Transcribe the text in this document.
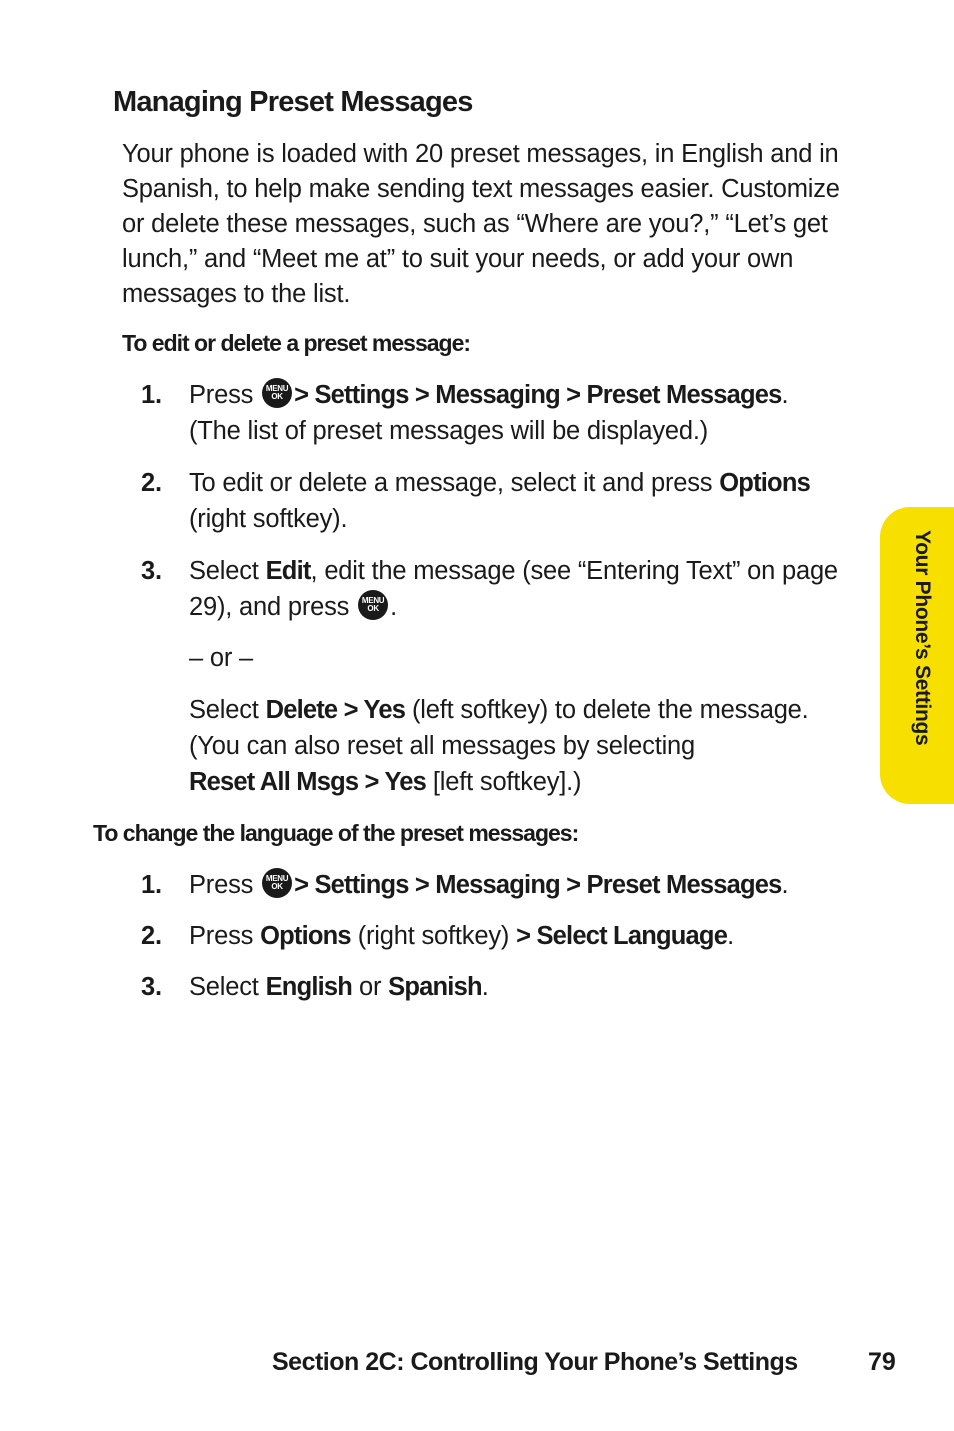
Managing Preset Messages

Your phone is loaded with 20 preset messages, in English and in Spanish, to help make sending text messages easier. Customize or delete these messages, such as “Where are you?,” “Let’s get lunch,” and “Meet me at” to suit your needs, or add your own messages to the list.

To edit or delete a preset message:

1. Press	MENU
OK > Settings > Messaging > Preset Messages.
(The list of preset messages will be displayed.)
2. To edit or delete a message, select it and press Options
(right softkey).
3. Select Edit, edit the message (see “Entering Text” on page 29), and press	MENU
OK .
– or –
Select Delete > Yes (left softkey) to delete the message. (You can also reset all messages by selecting
Reset All Msgs > Yes [left softkey].)

To change the language of the preset messages:

1. Press	MENU
OK > Settings > Messaging > Preset Messages.
2. Press Options (right softkey) > Select Language.
3. Select English or Spanish.
Your Phone’s Settings
Section 2C: Controlling Your Phone’s Settings	79
